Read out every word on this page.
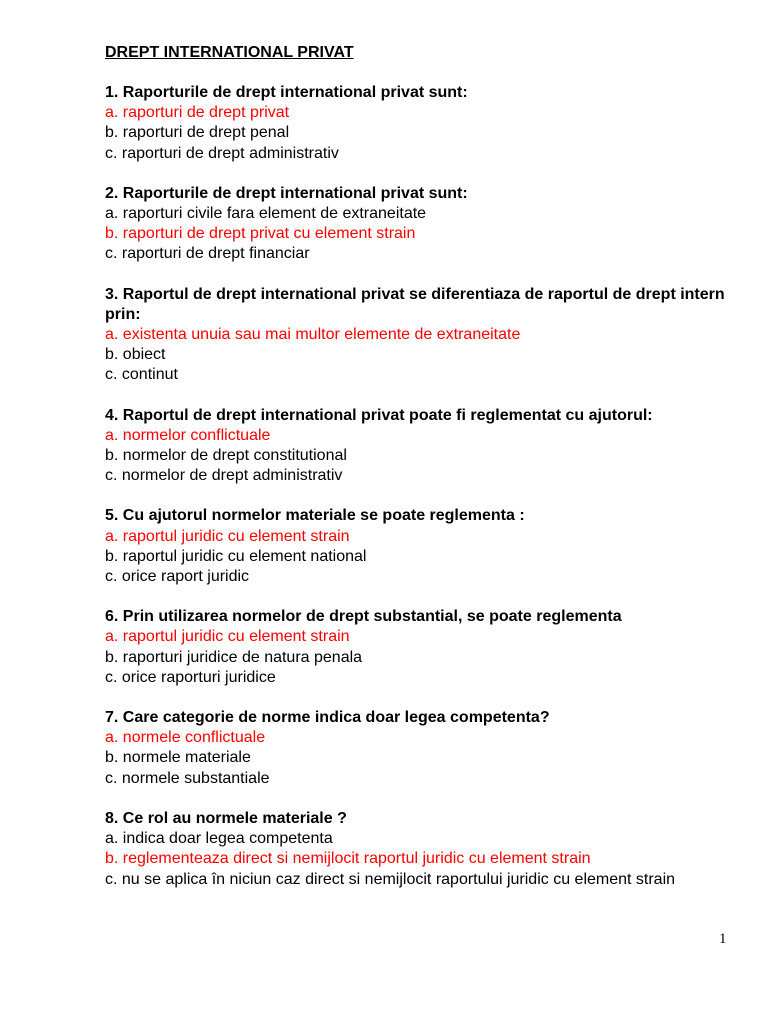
DREPT INTERNATIONAL PRIVAT
1. Raporturile de drept international privat sunt:
a. raporturi de drept privat
b. raporturi de drept penal
c. raporturi de drept administrativ
2. Raporturile de drept international privat sunt:
a. raporturi civile fara element de extraneitate
b. raporturi de drept privat cu element strain
c. raporturi de drept financiar
3. Raportul de drept international privat se diferentiaza de raportul de drept intern prin:
a. existenta unuia sau mai multor elemente de extraneitate
b. obiect
c. continut
4. Raportul de drept international privat poate fi reglementat cu ajutorul:
a. normelor conflictuale
b. normelor de drept constitutional
c. normelor de drept administrativ
5. Cu ajutorul normelor materiale se poate reglementa :
a. raportul juridic cu element strain
b. raportul juridic cu element national
c. orice raport juridic
6. Prin utilizarea normelor de drept substantial, se poate reglementa
a. raportul juridic cu element strain
b. raporturi juridice de natura penala
c. orice raporturi juridice
7. Care categorie de norme indica doar legea competenta?
a. normele conflictuale
b. normele materiale
c. normele substantiale
8. Ce rol au normele materiale ?
a. indica doar legea competenta
b. reglementeaza direct si nemijlocit raportul juridic cu element strain
c. nu se aplica în niciun caz direct si nemijlocit raportului juridic cu element strain
1
